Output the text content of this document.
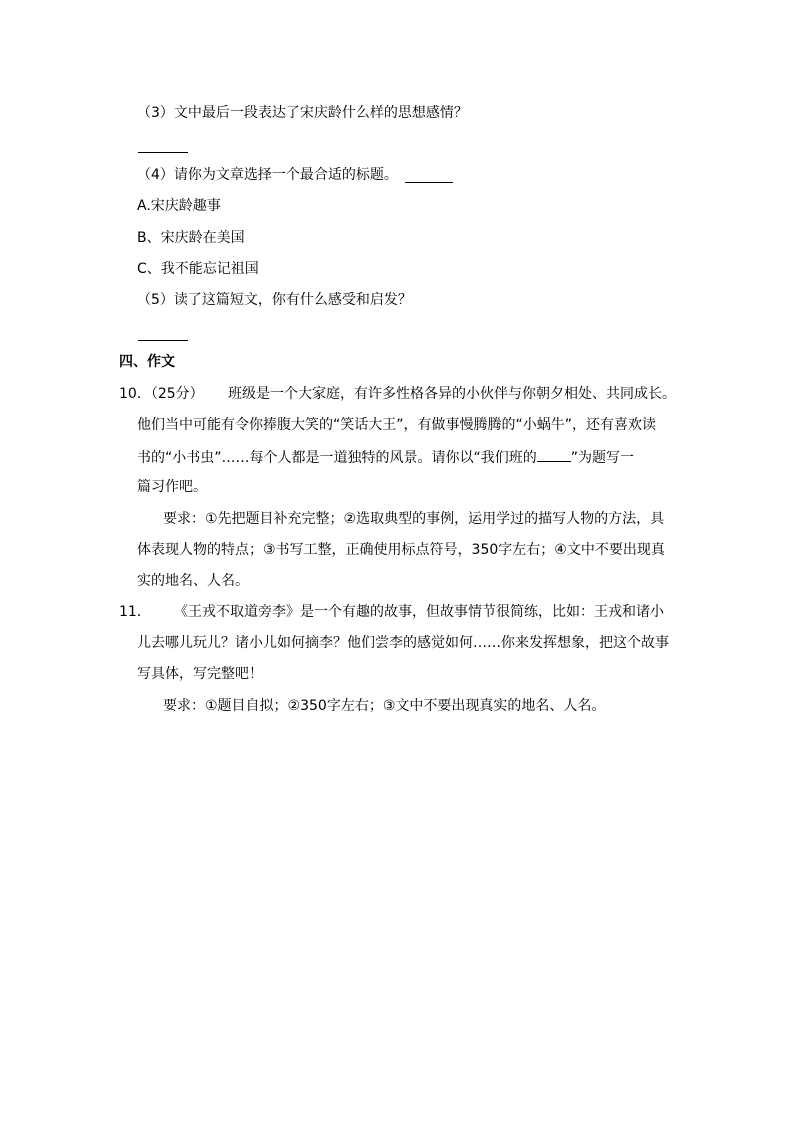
（3）文中最后一段表达了宋庆龄什么样的思想感情？
（4）请你为文章选择一个最合适的标题。
A.宋庆龄趣事
B、宋庆龄在美国
C、我不能忘记祖国
（5）读了这篇短文，你有什么感受和启发？
四、作文
10．（25分） 班级是一个大家庭，有许多性格各异的小伙伴与你朝夕相处、共同成长。
他们当中可能有令你捧腹大笑的“笑话大王”，有做事慢腾腾的“小蜗牛”，还有喜欢读
书的“小书虫”……每个人都是一道独特的风景。请你以“我们班的 ”为题写一
篇习作吧。
要求：①先把题目补充完整；②选取典型的事例，运用学过的描写人物的方法，具
体表现人物的特点；③书写工整，正确使用标点符号，350字左右；④文中不要出现真
实的地名、人名。
11． 《王戎不取道旁李》是一个有趣的故事，但故事情节很简练，比如：王戎和诸小
儿去哪儿玩儿？诸小儿如何摘李？他们尝李的感觉如何……你来发挥想象，把这个故事
写具体，写完整吧！
要求：①题目自拟；②350字左右；③文中不要出现真实的地名、人名。
